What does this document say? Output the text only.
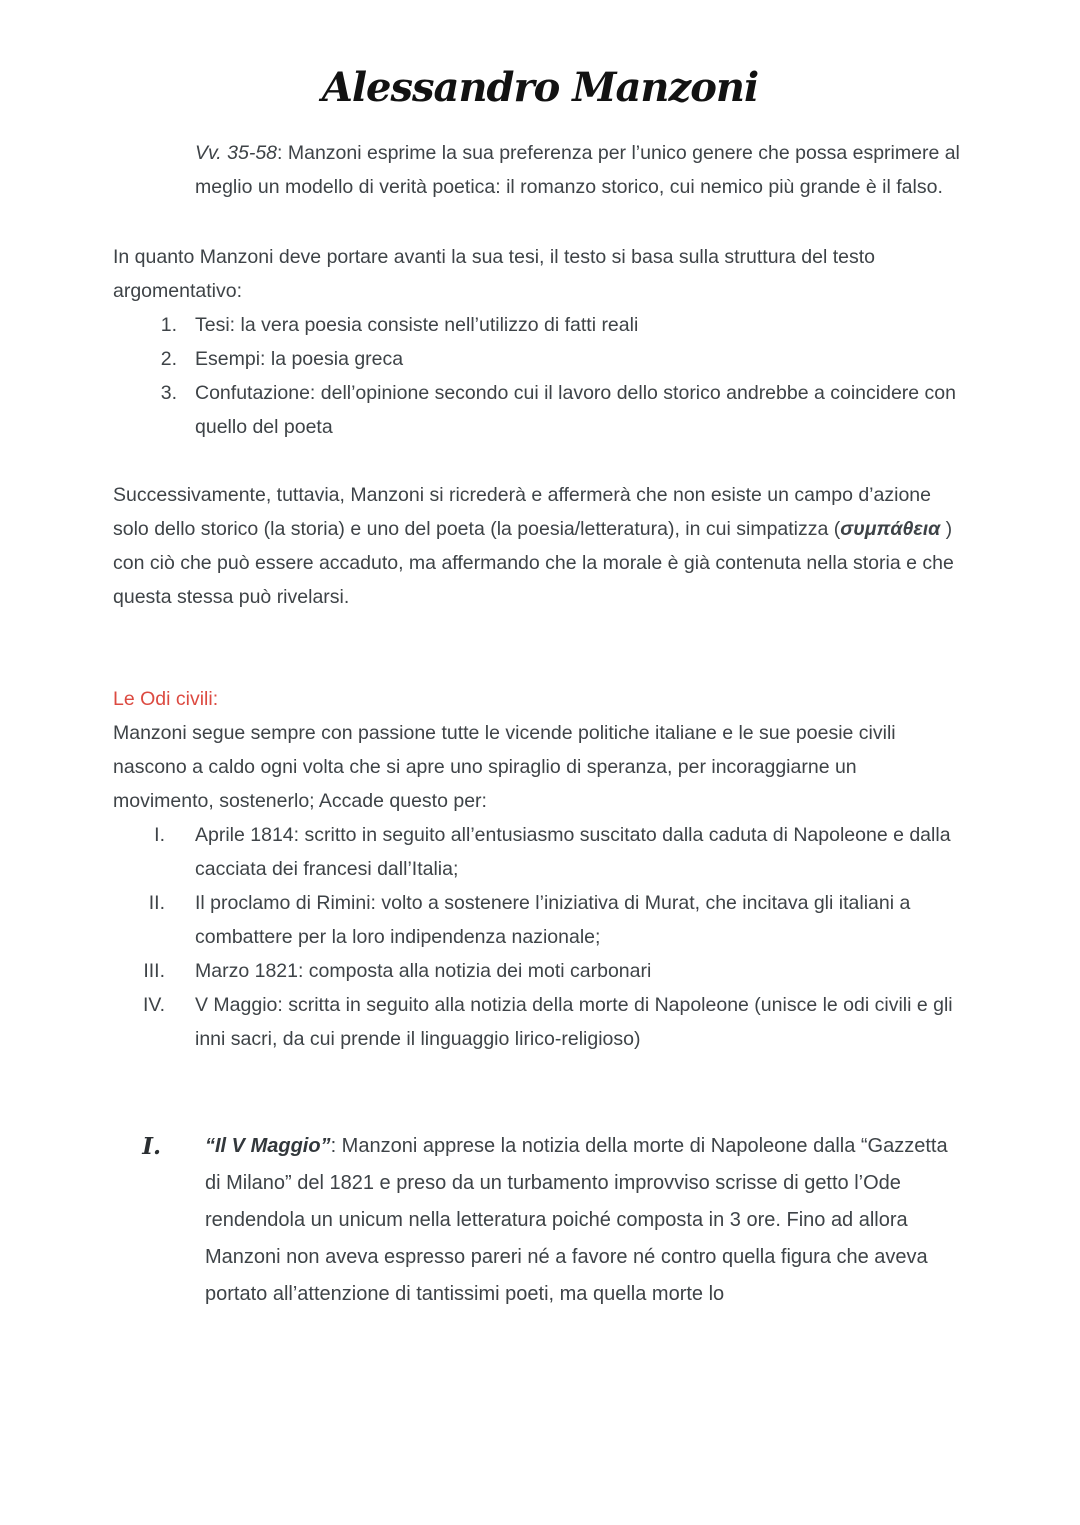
Alessandro Manzoni

Vv. 35-58: Manzoni esprime la sua preferenza per l’unico genere che possa esprimere al meglio un modello di verità poetica: il romanzo storico, cui nemico più grande è il falso.

In quanto Manzoni deve portare avanti la sua tesi, il testo si basa sulla struttura del testo argomentativo:

1. Tesi: la vera poesia consiste nell’utilizzo di fatti reali
2. Esempi: la poesia greca
3. Confutazione: dell’opinione secondo cui il lavoro dello storico andrebbe a coincidere con quello del poeta

Successivamente, tuttavia, Manzoni si ricrederà e affermerà che non esiste un campo d’azione solo dello storico (la storia) e uno del poeta (la poesia/letteratura), in cui simpatizza (συμπάθεια ) con ciò che può essere accaduto, ma affermando che la morale è già contenuta nella storia e che questa stessa può rivelarsi.

Le Odi civili:

Manzoni segue sempre con passione tutte le vicende politiche italiane e le sue poesie civili nascono a caldo ogni volta che si apre uno spiraglio di speranza, per incoraggiarne un movimento, sostenerlo; Accade questo per:

I.	Aprile 1814: scritto in seguito all’entusiasmo suscitato dalla caduta di Napoleone e dalla cacciata dei francesi dall’Italia;
II.	Il proclamo di Rimini: volto a sostenere l’iniziativa di Murat, che incitava gli italiani a combattere per la loro indipendenza nazionale;
III.	Marzo 1821: composta alla notizia dei moti carbonari
IV.	V Maggio: scritta in seguito alla notizia della morte di Napoleone (unisce le odi civili e gli inni sacri, da cui prende il linguaggio lirico-religioso)
I.	“Il V Maggio”: Manzoni apprese la notizia della morte di Napoleone dalla “Gazzetta di Milano” del 1821 e preso da un turbamento improvviso scrisse di getto l’Ode rendendola un unicum nella letteratura poiché composta in 3 ore. Fino ad allora Manzoni non aveva espresso pareri né a favore né contro quella figura che aveva portato all’attenzione di tantissimi poeti, ma quella morte lo
